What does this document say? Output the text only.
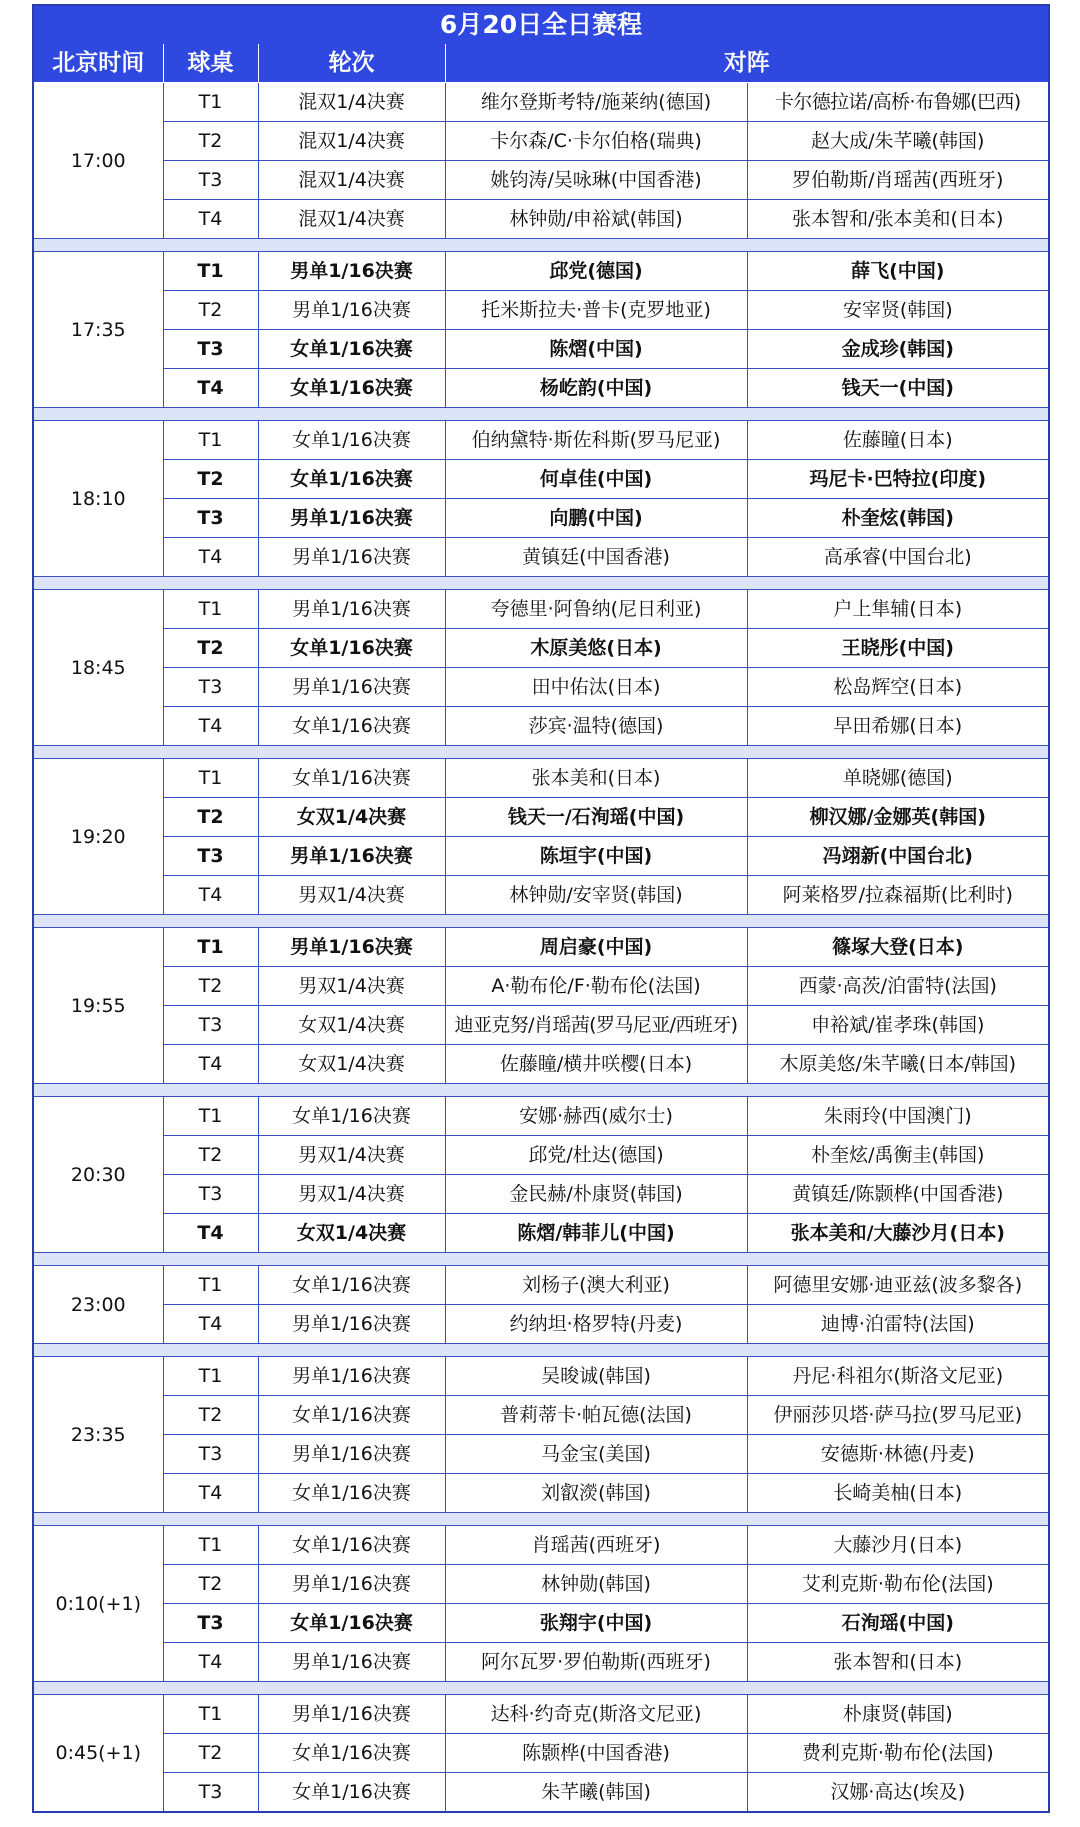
6月20日全日赛程				
北京时间	球桌	轮次	对阵	
17:00	T1	混双1/4决赛	维尔登斯考特/施莱纳(德国)	卡尔德拉诺/高桥·布鲁娜(巴西)
	T2	混双1/4决赛	卡尔森/C·卡尔伯格(瑞典)	赵大成/朱芊曦(韩国)
	T3	混双1/4决赛	姚钧涛/吴咏琳(中国香港)	罗伯勒斯/肖瑶茜(西班牙)
	T4	混双1/4决赛	林钟勋/申裕斌(韩国)	张本智和/张本美和(日本)

17:35	T1	男单1/16决赛	邱党(德国)	薛飞(中国)
	T2	男单1/16决赛	托米斯拉夫·普卡(克罗地亚)	安宰贤(韩国)
	T3	女单1/16决赛	陈熠(中国)	金成珍(韩国)
	T4	女单1/16决赛	杨屹韵(中国)	钱天一(中国)

18:10	T1	女单1/16决赛	伯纳黛特·斯佐科斯(罗马尼亚)	佐藤瞳(日本)
	T2	女单1/16决赛	何卓佳(中国)	玛尼卡·巴特拉(印度)
	T3	男单1/16决赛	向鹏(中国)	朴奎炫(韩国)
	T4	男单1/16决赛	黄镇廷(中国香港)	高承睿(中国台北)

18:45	T1	男单1/16决赛	夸德里·阿鲁纳(尼日利亚)	户上隼辅(日本)
	T2	女单1/16决赛	木原美悠(日本)	王晓彤(中国)
	T3	男单1/16决赛	田中佑汰(日本)	松岛辉空(日本)
	T4	女单1/16决赛	莎宾·温特(德国)	早田希娜(日本)

19:20	T1	女单1/16决赛	张本美和(日本)	单晓娜(德国)
	T2	女双1/4决赛	钱天一/石洵瑶(中国)	柳汉娜/金娜英(韩国)
	T3	男单1/16决赛	陈垣宇(中国)	冯翊新(中国台北)
	T4	男双1/4决赛	林钟勋/安宰贤(韩国)	阿莱格罗/拉森福斯(比利时)

19:55	T1	男单1/16决赛	周启豪(中国)	篠塚大登(日本)
	T2	男双1/4决赛	A·勒布伦/F·勒布伦(法国)	西蒙·高茨/泊雷特(法国)
	T3	女双1/4决赛	迪亚克努/肖瑶茜(罗马尼亚/西班牙)	申裕斌/崔孝珠(韩国)
	T4	女双1/4决赛	佐藤瞳/横井咲樱(日本)	木原美悠/朱芊曦(日本/韩国)

20:30	T1	女单1/16决赛	安娜·赫西(威尔士)	朱雨玲(中国澳门)
	T2	男双1/4决赛	邱党/杜达(德国)	朴奎炫/禹衡圭(韩国)
	T3	男双1/4决赛	金民赫/朴康贤(韩国)	黄镇廷/陈颢桦(中国香港)
	T4	女双1/4决赛	陈熠/韩菲儿(中国)	张本美和/大藤沙月(日本)

23:00	T1	女单1/16决赛	刘杨子(澳大利亚)	阿德里安娜·迪亚兹(波多黎各)
	T4	男单1/16决赛	约纳坦·格罗特(丹麦)	迪博·泊雷特(法国)

23:35	T1	男单1/16决赛	吴晙诚(韩国)	丹尼·科祖尔(斯洛文尼亚)
	T2	女单1/16决赛	普莉蒂卡·帕瓦德(法国)	伊丽莎贝塔·萨马拉(罗马尼亚)
	T3	男单1/16决赛	马金宝(美国)	安德斯·林德(丹麦)
	T4	女单1/16决赛	刘叡濙(韩国)	长崎美柚(日本)

0:10(+1)	T1	女单1/16决赛	肖瑶茜(西班牙)	大藤沙月(日本)
	T2	男单1/16决赛	林钟勋(韩国)	艾利克斯·勒布伦(法国)
	T3	女单1/16决赛	张翔宇(中国)	石洵瑶(中国)
	T4	男单1/16决赛	阿尔瓦罗·罗伯勒斯(西班牙)	张本智和(日本)

0:45(+1)	T1	男单1/16决赛	达科·约奇克(斯洛文尼亚)	朴康贤(韩国)
	T2	女单1/16决赛	陈颢桦(中国香港)	费利克斯·勒布伦(法国)
	T3	女单1/16决赛	朱芊曦(韩国)	汉娜·高达(埃及)
